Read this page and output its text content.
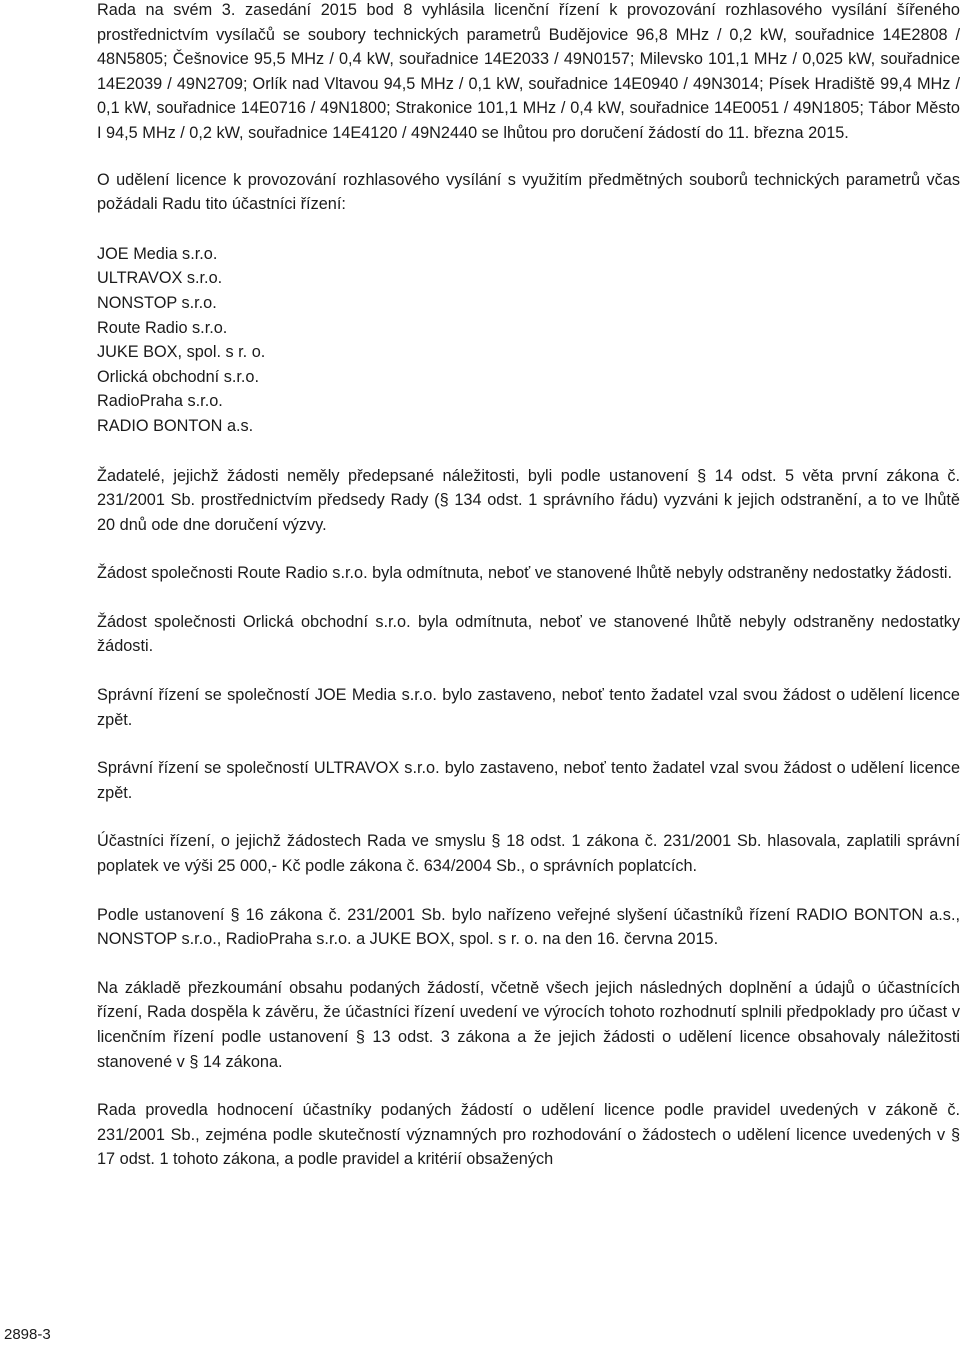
Rada na svém 3. zasedání 2015 bod 8 vyhlásila licenční řízení k provozování rozhlasového vysílání šířeného prostřednictvím vysílačů se soubory technických parametrů Budějovice 96,8 MHz / 0,2 kW, souřadnice 14E2808 / 48N5805; Češnovice 95,5 MHz / 0,4 kW, souřadnice 14E2033 / 49N0157; Milevsko 101,1 MHz / 0,025 kW, souřadnice 14E2039 / 49N2709; Orlík nad Vltavou 94,5 MHz / 0,1 kW, souřadnice 14E0940 / 49N3014; Písek Hradiště 99,4 MHz / 0,1 kW, souřadnice 14E0716 / 49N1800; Strakonice 101,1 MHz / 0,4 kW, souřadnice 14E0051 / 49N1805; Tábor Město I 94,5 MHz / 0,2 kW, souřadnice 14E4120 / 49N2440 se lhůtou pro doručení žádostí do 11. března 2015.

O udělení licence k provozování rozhlasového vysílání s využitím předmětných souborů technických parametrů včas požádali Radu tito účastníci řízení:

JOE Media s.r.o.
ULTRAVOX s.r.o.
NONSTOP s.r.o.
Route Radio s.r.o.
JUKE BOX, spol. s r. o.
Orlická obchodní s.r.o.
RadioPraha s.r.o.
RADIO BONTON a.s.

Žadatelé, jejichž žádosti neměly předepsané náležitosti, byli podle ustanovení § 14 odst. 5 věta první zákona č. 231/2001 Sb. prostřednictvím předsedy Rady (§ 134 odst. 1 správního řádu) vyzváni k jejich odstranění, a to ve lhůtě 20 dnů ode dne doručení výzvy.

Žádost společnosti Route Radio s.r.o. byla odmítnuta, neboť ve stanovené lhůtě nebyly odstraněny nedostatky žádosti.

Žádost společnosti Orlická obchodní s.r.o. byla odmítnuta, neboť ve stanovené lhůtě nebyly odstraněny nedostatky žádosti.

Správní řízení se společností JOE Media s.r.o. bylo zastaveno, neboť tento žadatel vzal svou žádost o udělení licence zpět.

Správní řízení se společností ULTRAVOX s.r.o. bylo zastaveno, neboť tento žadatel vzal svou žádost o udělení licence zpět.

Účastníci řízení, o jejichž žádostech Rada ve smyslu § 18 odst. 1 zákona č. 231/2001 Sb. hlasovala, zaplatili správní poplatek ve výši 25 000,- Kč podle zákona č. 634/2004 Sb., o správních poplatcích.

Podle ustanovení § 16 zákona č. 231/2001 Sb. bylo nařízeno veřejné slyšení účastníků řízení RADIO BONTON a.s., NONSTOP s.r.o., RadioPraha s.r.o. a JUKE BOX, spol. s r. o. na den 16. června 2015.

Na základě přezkoumání obsahu podaných žádostí, včetně všech jejich následných doplnění a údajů o účastnících řízení, Rada dospěla k závěru, že účastníci řízení uvedení ve výrocích tohoto rozhodnutí splnili předpoklady pro účast v licenčním řízení podle ustanovení § 13 odst. 3 zákona a že jejich žádosti o udělení licence obsahovaly náležitosti stanovené v § 14 zákona.

Rada provedla hodnocení účastníky podaných žádostí o udělení licence podle pravidel uvedených v zákoně č. 231/2001 Sb., zejména podle skutečností významných pro rozhodování o žádostech o udělení licence uvedených v § 17 odst. 1 tohoto zákona, a podle pravidel a kritérií obsažených

2898-3
